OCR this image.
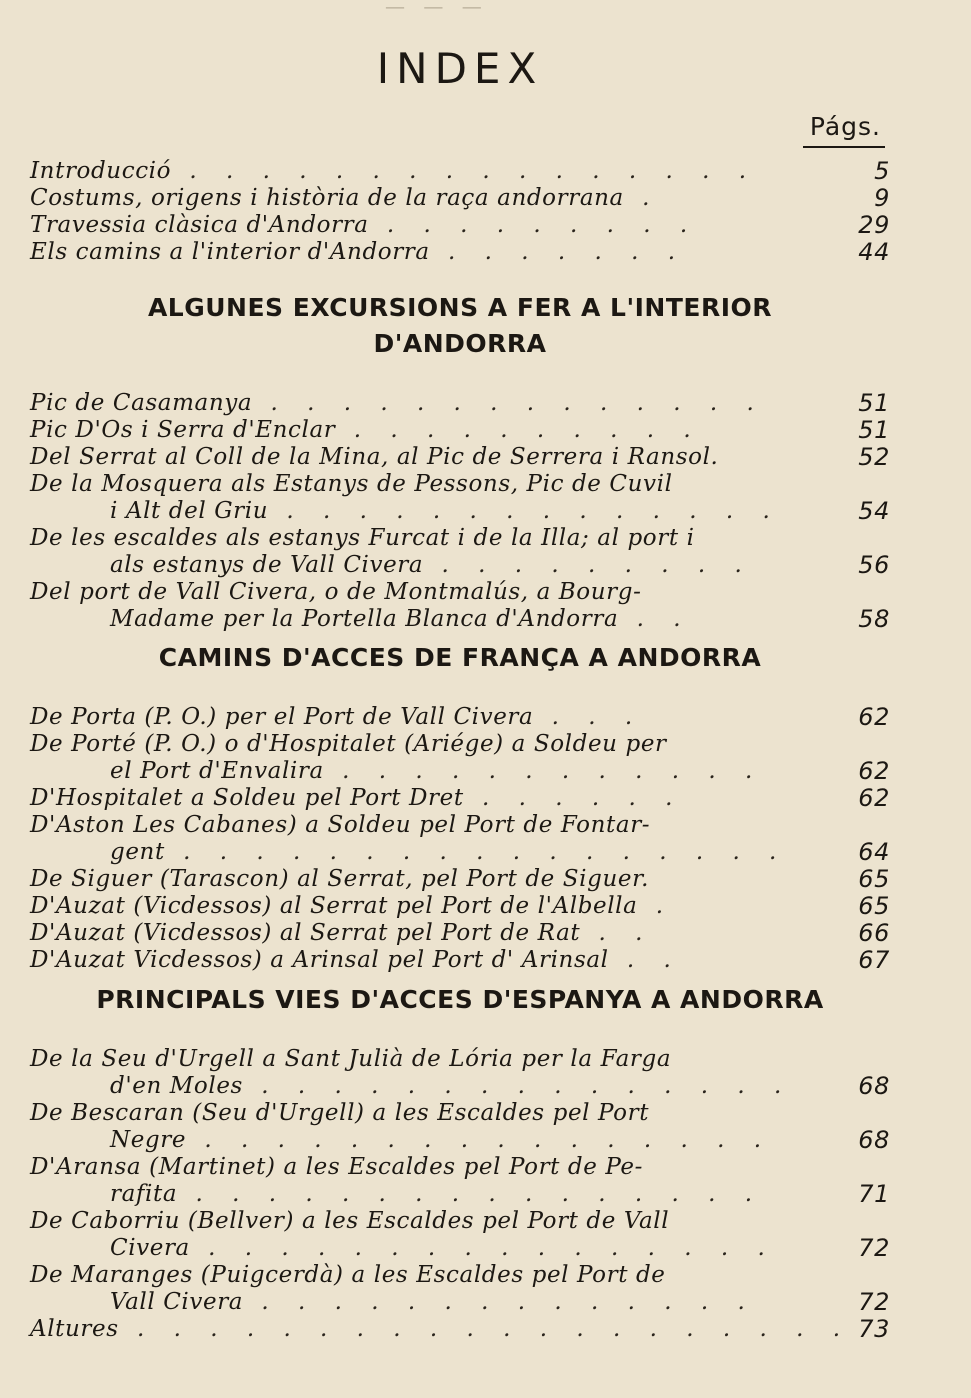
— — —
INDEX
Págs.
Introducció . . . . . . . . . . . . . . . .	5
Costums, origens i història de la raça andorrana .	9
Travessia clàsica d'Andorra . . . . . . . . .	29
Els camins a l'interior d'Andorra . . . . . . .	44
ALGUNES EXCURSIONS A FER A L'INTERIOR
D'ANDORRA
Pic de Casamanya . . . . . . . . . . . . . .	51
Pic D'Os i Serra d'Enclar . . . . . . . . . .	51
Del Serrat al Coll de la Mina, al Pic de Serrera i Ransol.	52
De la Mosquera als Estanys de Pessons, Pic de Cuvil
i Alt del Griu . . . . . . . . . . . . . .	54
De les escaldes als estanys Furcat i de la Illa; al port i
als estanys de Vall Civera . . . . . . . . .	56
Del port de Vall Civera, o de Montmalús, a Bourg-
Madame per la Portella Blanca d'Andorra . .	58
CAMINS D'ACCES DE FRANÇA A ANDORRA
De Porta (P. O.) per el Port de Vall Civera . . .	62
De Porté (P. O.) o d'Hospitalet (Ariége) a Soldeu per
el Port d'Envalira . . . . . . . . . . . .	62
D'Hospitalet a Soldeu pel Port Dret . . . . . .	62
D'Aston Les Cabanes) a Soldeu pel Port de Fontar-
gent . . . . . . . . . . . . . . . . .	64
De Siguer (Tarascon) al Serrat, pel Port de Siguer.	65
D'Auzat (Vicdessos) al Serrat pel Port de l'Albella .	65
D'Auzat (Vicdessos) al Serrat pel Port de Rat . .	66
D'Auzat Vicdessos) a Arinsal pel Port d' Arinsal . .	67
PRINCIPALS VIES D'ACCES D'ESPANYA A ANDORRA
De la Seu d'Urgell a Sant Julià de Lória per la Farga
d'en Moles . . . . . . . . . . . . . . .	68
De Bescaran (Seu d'Urgell) a les Escaldes pel Port
Negre . . . . . . . . . . . . . . . .	68
D'Aransa (Martinet) a les Escaldes pel Port de Pe-
rafita . . . . . . . . . . . . . . . .	71
De Caborriu (Bellver) a les Escaldes pel Port de Vall
Civera . . . . . . . . . . . . . . . .	72
De Maranges (Puigcerdà) a les Escaldes pel Port de
Vall Civera . . . . . . . . . . . . . .	72
Altures . . . . . . . . . . . . . . . . . . . . 73
